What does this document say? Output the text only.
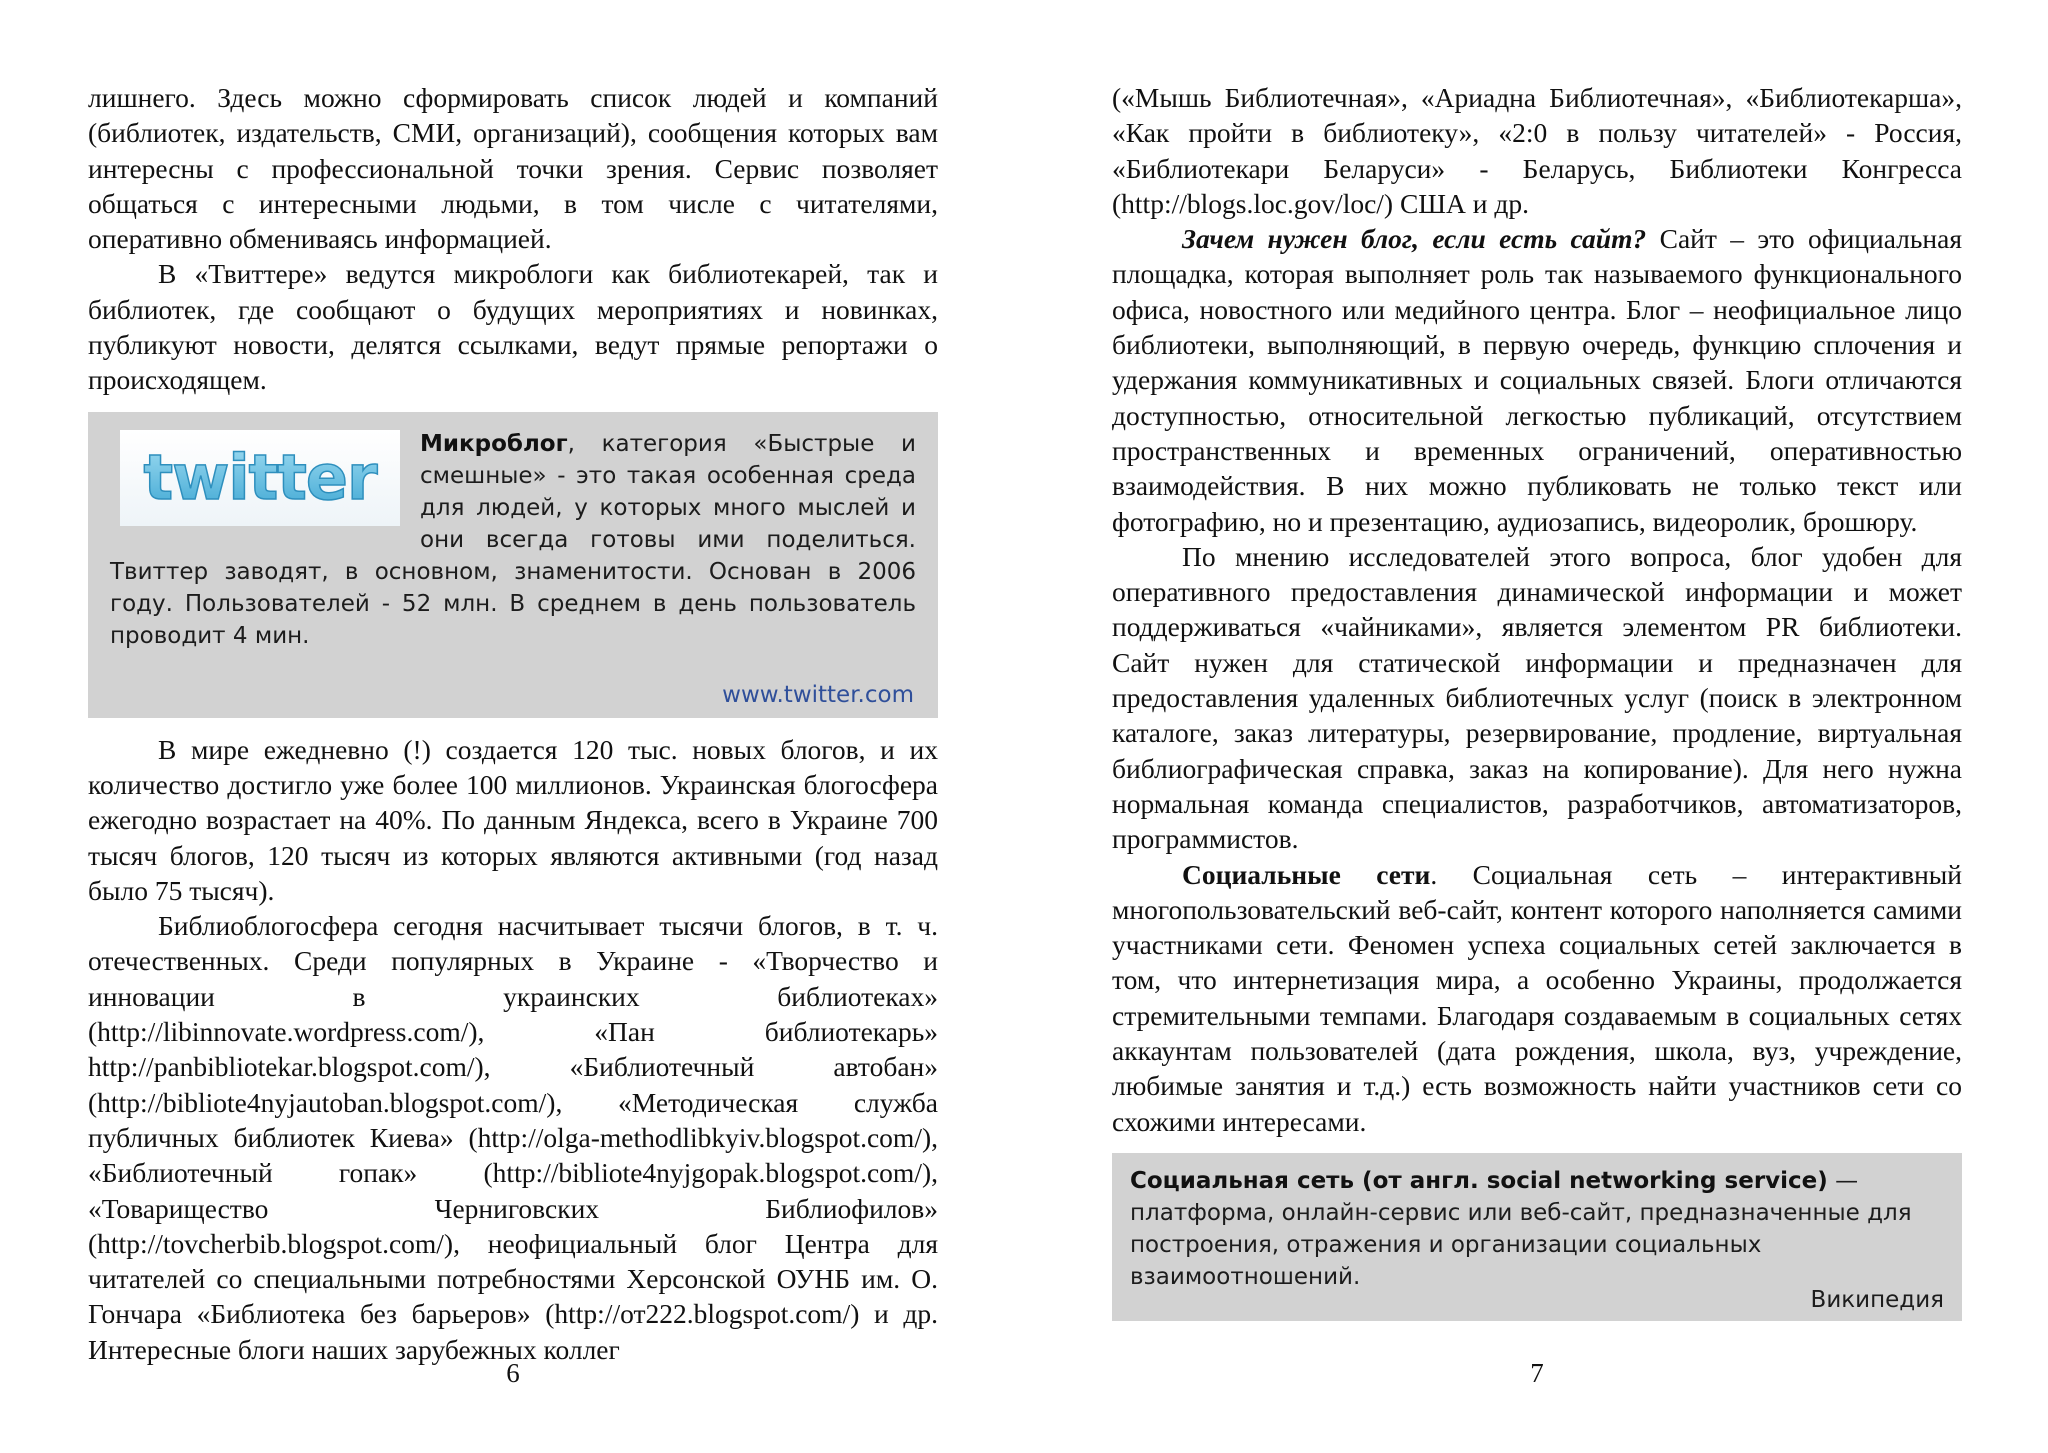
лишнего. Здесь можно сформировать список людей и компаний (библиотек, издательств, СМИ, организаций), сообщения которых вам интересны с профессиональной точки зрения. Сервис позволяет общаться с интересными людьми, в том числе с читателями, оперативно обмениваясь информацией.

В «Твиттере» ведутся микроблоги как библиотекарей, так и библиотек, где сообщают о будущих мероприятиях и новинках, публикуют новости, делятся ссылками, ведут прямые репортажи о происходящем.

twitter	Микроблог, категория «Быстрые и смешные» - это такая особенная среда для людей, у которых много мыслей и они всегда готовы ими поделиться. Твиттер заводят, в основном, знаменитости. Основан в 2006 году. Пользователей - 52 млн. В среднем в день пользователь проводит 4 мин.

www.twitter.com

В мире ежедневно (!) создается 120 тыс. новых блогов, и их количество достигло уже более 100 миллионов. Украинская блогосфера ежегодно возрастает на 40%. По данным Яндекса, всего в Украине 700 тысяч блогов, 120 тысяч из которых являются активными (год назад было 75 тысяч).

Библиоблогосфера сегодня насчитывает тысячи блогов, в т. ч. отечественных. Среди популярных в Украине - «Творчество и инновации в украинских библиотеках» (http://libinnovate.wordpress.com/), «Пан библиотекарь» http://panbibliotekar.blogspot.com/), «Библиотечный автобан» (http://bibliote4nyjautoban.blogspot.com/), «Методическая служба публичных библиотек Киева» (http://olga-methodlibkyiv.blogspot.com/), «Библиотечный гопак» (http://bibliote4nyjgopak.blogspot.com/), «Товарищество Черниговских Библиофилов» (http://tovcherbib.blogspot.com/), неофициальный блог Центра для читателей со специальными потребностями Херсонской ОУНБ им. О. Гончара «Библиотека без барьеров» (http://от222.blogspot.com/) и др. Интересные блоги наших зарубежных коллег

6

(«Мышь Библиотечная», «Ариадна Библиотечная», «Библиотекарша», «Как пройти в библиотеку», «2:0 в пользу читателей» - Россия, «Библиотекари Беларуси» - Беларусь, Библиотеки Конгресса (http://blogs.loc.gov/loc/) США и др.

Зачем нужен блог, если есть сайт? Сайт – это официальная площадка, которая выполняет роль так называемого функционального офиса, новостного или медийного центра. Блог – неофициальное лицо библиотеки, выполняющий, в первую очередь, функцию сплочения и удержания коммуникативных и социальных связей. Блоги отличаются доступностью, относительной легкостью публикаций, отсутствием пространственных и временных ограничений, оперативностью взаимодействия. В них можно публиковать не только текст или фотографию, но и презентацию, аудиозапись, видеоролик, брошюру.

По мнению исследователей этого вопроса, блог удобен для оперативного предоставления динамической информации и может поддерживаться «чайниками», является элементом PR библиотеки. Сайт нужен для статической информации и предназначен для предоставления удаленных библиотечных услуг (поиск в электронном каталоге, заказ литературы, резервирование, продление, виртуальная библиографическая справка, заказ на копирование). Для него нужна нормальная команда специалистов, разработчиков, автоматизаторов, программистов.

Социальные сети. Социальная сеть – интерактивный многопользовательский веб-сайт, контент которого наполняется самими участниками сети. Феномен успеха социальных сетей заключается в том, что интернетизация мира, а особенно Украины, продолжается стремительными темпами. Благодаря создаваемым в социальных сетях аккаунтам пользователей (дата рождения, школа, вуз, учреждение, любимые занятия и т.д.) есть возможность найти участников сети со схожими интересами.

Социальная сеть (от англ. social networking service) — платформа, онлайн-сервис или веб-сайт, предназначенные для построения, отражения и организации социальных взаимоотношений.

Википедия
7
